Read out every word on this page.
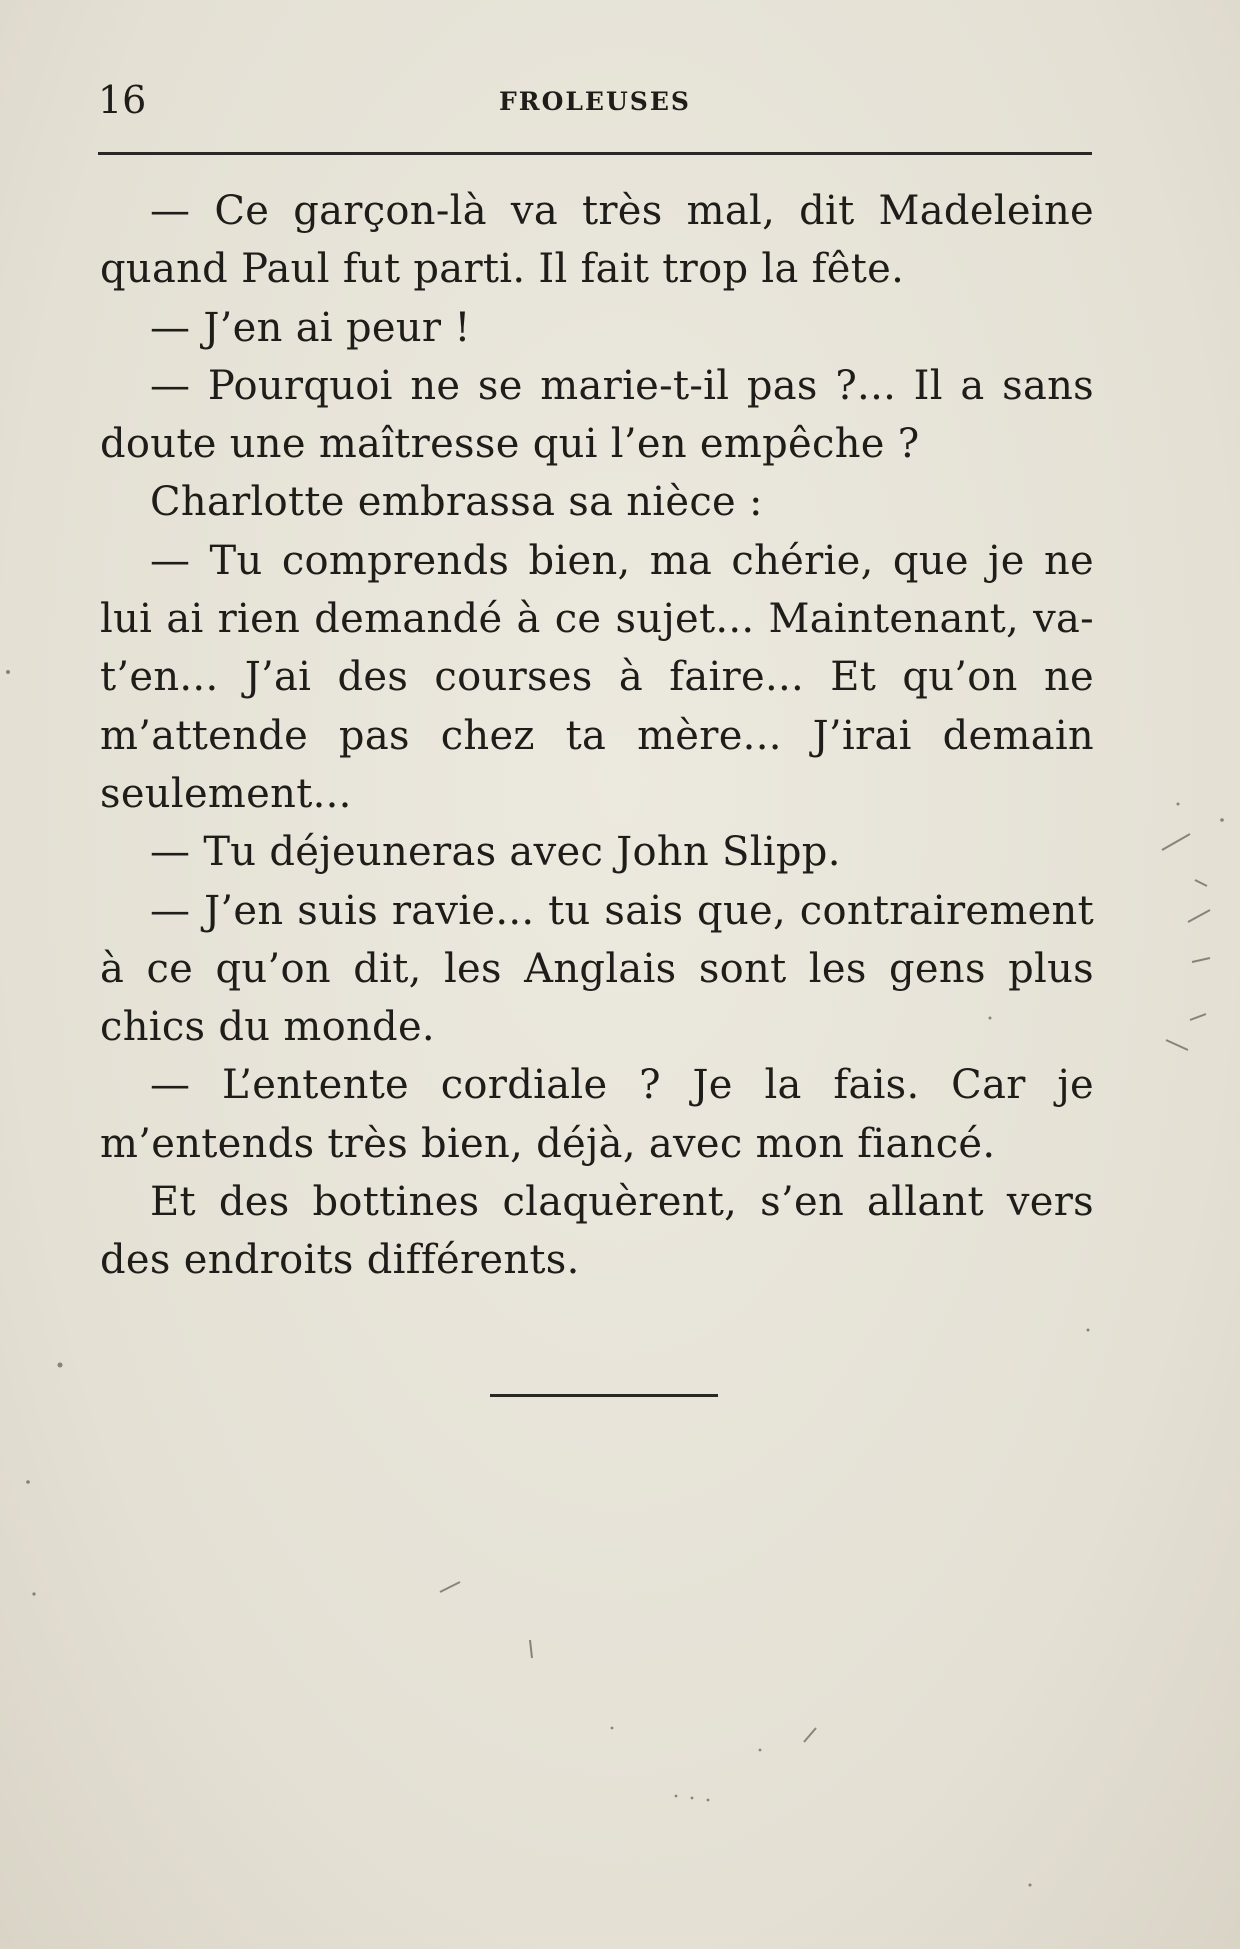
16	FROLEUSES

— Ce garçon-là va très mal, dit Madeleine quand Paul fut parti. Il fait trop la fête.

— J’en ai peur !

— Pourquoi ne se marie-t-il pas ?... Il a sans doute une maîtresse qui l’en empêche ?

Charlotte embrassa sa nièce :

— Tu comprends bien, ma chérie, que je ne lui ai rien demandé à ce sujet... Maintenant, va-t’en... J’ai des courses à faire... Et qu’on ne m’attende pas chez ta mère... J’irai demain seulement...

— Tu déjeuneras avec John Slipp.

— J’en suis ravie... tu sais que, contrairement à ce qu’on dit, les Anglais sont les gens plus chics du monde.

— L’entente cordiale ? Je la fais. Car je m’entends très bien, déjà, avec mon fiancé.

Et des bottines claquèrent, s’en allant vers des endroits différents.
